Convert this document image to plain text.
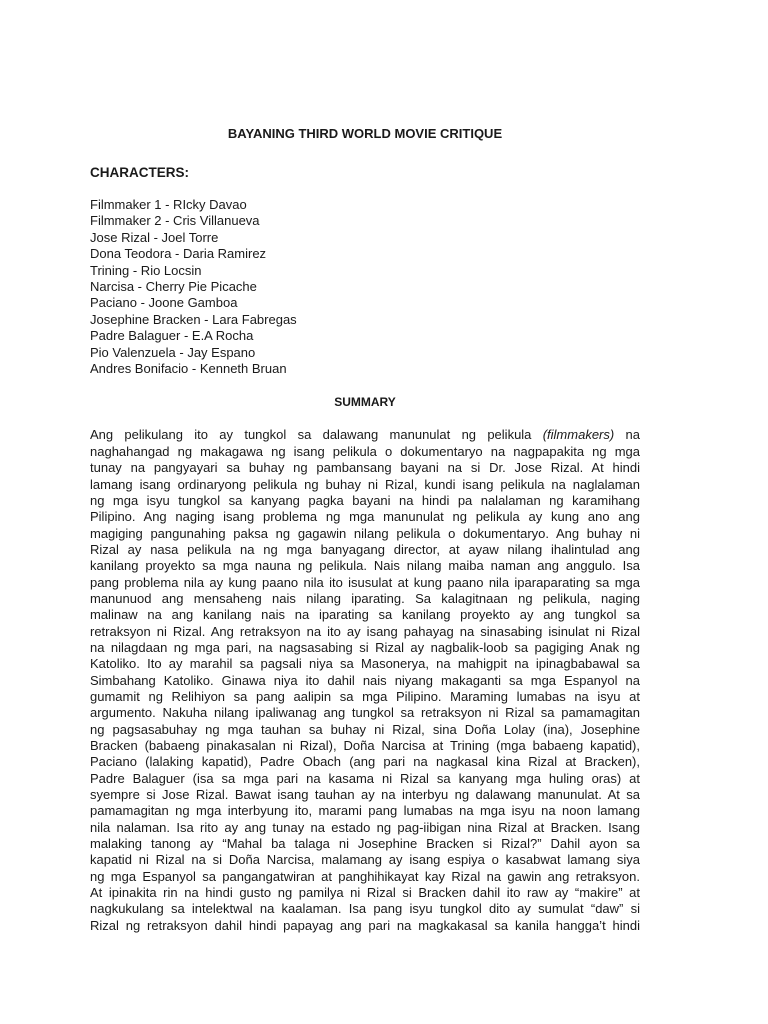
BAYANING THIRD WORLD MOVIE CRITIQUE
CHARACTERS:
Filmmaker 1 - RIcky Davao
Filmmaker 2 - Cris Villanueva
Jose Rizal - Joel Torre
Dona Teodora - Daria Ramirez
Trining - Rio Locsin
Narcisa - Cherry Pie Picache
Paciano - Joone Gamboa
Josephine Bracken - Lara Fabregas
Padre Balaguer - E.A Rocha
Pio Valenzuela - Jay Espano
Andres Bonifacio - Kenneth Bruan
SUMMARY
Ang pelikulang ito ay tungkol sa dalawang manunulat ng pelikula (filmmakers) na
naghahangad ng makagawa ng isang pelikula o dokumentaryo na nagpapakita ng mga
tunay na pangyayari sa buhay ng pambansang bayani na si Dr. Jose Rizal. At hindi
lamang isang ordinaryong pelikula ng buhay ni Rizal, kundi isang pelikula na naglalaman
ng mga isyu tungkol sa kanyang pagka bayani na hindi pa nalalaman ng karamihang
Pilipino. Ang naging isang problema ng mga manunulat ng pelikula ay kung ano ang
magiging pangunahing paksa ng gagawin nilang pelikula o dokumentaryo. Ang buhay ni
Rizal ay nasa pelikula na ng mga banyagang director, at ayaw nilang ihalintulad ang
kanilang proyekto sa mga nauna ng pelikula. Nais nilang maiba naman ang anggulo. Isa
pang problema nila ay kung paano nila ito isusulat at kung paano nila iparaparating sa mga
manunuod ang mensaheng nais nilang iparating. Sa kalagitnaan ng pelikula, naging
malinaw na ang kanilang nais na iparating sa kanilang proyekto ay ang tungkol sa
retraksyon ni Rizal. Ang retraksyon na ito ay isang pahayag na sinasabing isinulat ni Rizal
na nilagdaan ng mga pari, na nagsasabing si Rizal ay nagbalik-loob sa pagiging Anak ng
Katoliko. Ito ay marahil sa pagsali niya sa Masonerya, na mahigpit na ipinagbabawal sa
Simbahang Katoliko. Ginawa niya ito dahil nais niyang makaganti sa mga Espanyol na
gumamit ng Relihiyon sa pang aalipin sa mga Pilipino. Maraming lumabas na isyu at
argumento. Nakuha nilang ipaliwanag ang tungkol sa retraksyon ni Rizal sa pamamagitan
ng pagsasabuhay ng mga tauhan sa buhay ni Rizal, sina Doña Lolay (ina), Josephine
Bracken (babaeng pinakasalan ni Rizal), Doña Narcisa at Trining (mga babaeng kapatid),
Paciano (lalaking kapatid), Padre Obach (ang pari na nagkasal kina Rizal at Bracken),
Padre Balaguer (isa sa mga pari na kasama ni Rizal sa kanyang mga huling oras) at
syempre si Jose Rizal. Bawat isang tauhan ay na interbyu ng dalawang manunulat. At sa
pamamagitan ng mga interbyung ito, marami pang lumabas na mga isyu na noon lamang
nila nalaman. Isa rito ay ang tunay na estado ng pag-iibigan nina Rizal at Bracken. Isang
malaking tanong ay “Mahal ba talaga ni Josephine Bracken si Rizal?” Dahil ayon sa
kapatid ni Rizal na si Doña Narcisa, malamang ay isang espiya o kasabwat lamang siya
ng mga Espanyol sa pangangatwiran at panghihikayat kay Rizal na gawin ang retraksyon.
At ipinakita rin na hindi gusto ng pamilya ni Rizal si Bracken dahil ito raw ay “makire” at
nagkukulang sa intelektwal na kaalaman. Isa pang isyu tungkol dito ay sumulat “daw” si
Rizal ng retraksyon dahil hindi papayag ang pari na magkakasal sa kanila hangga’t hindi
